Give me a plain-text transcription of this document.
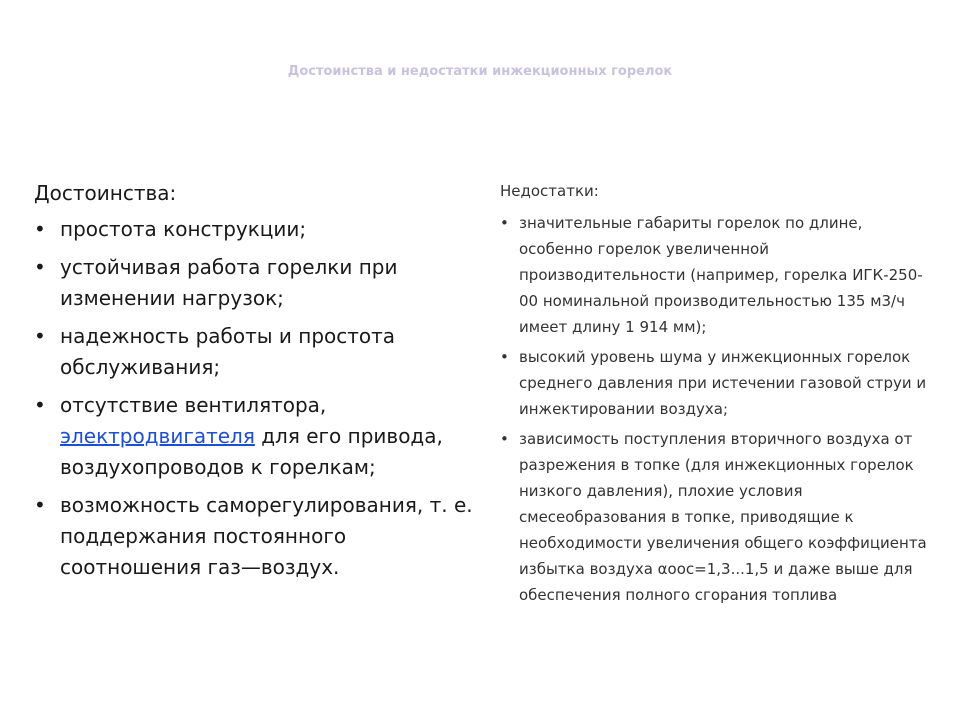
Достоинства и недостатки инжекционных горелок
Достоинства:
• простота конструкции;
• устойчивая работа горелки при изменении нагрузок;
• надежность работы и простота обслуживания;
• отсутствие вентилятора, электродвигателя для его привода, воздухопроводов к горелкам;
• возможность саморегулирования, т. е. поддержания постоянного соотношения газ—воздух.
Недостатки:
• значительные габариты горелок по длине, особенно горелок увеличенной производительности (например, горелка ИГК-250-00 номинальной производительностью 135 м3/ч имеет длину 1 914 мм);
• высокий уровень шума у инжекционных горелок среднего давления при истечении газовой струи и инжектировании воздуха;
• зависимость поступления вторичного воздуха от разрежения в топке (для инжекционных горелок низкого давления), плохие условия смесеобразования в топке, приводящие к необходимости увеличения общего коэффициента избытка воздуха αоос=1,3...1,5 и даже выше для обеспечения полного сгорания топлива
